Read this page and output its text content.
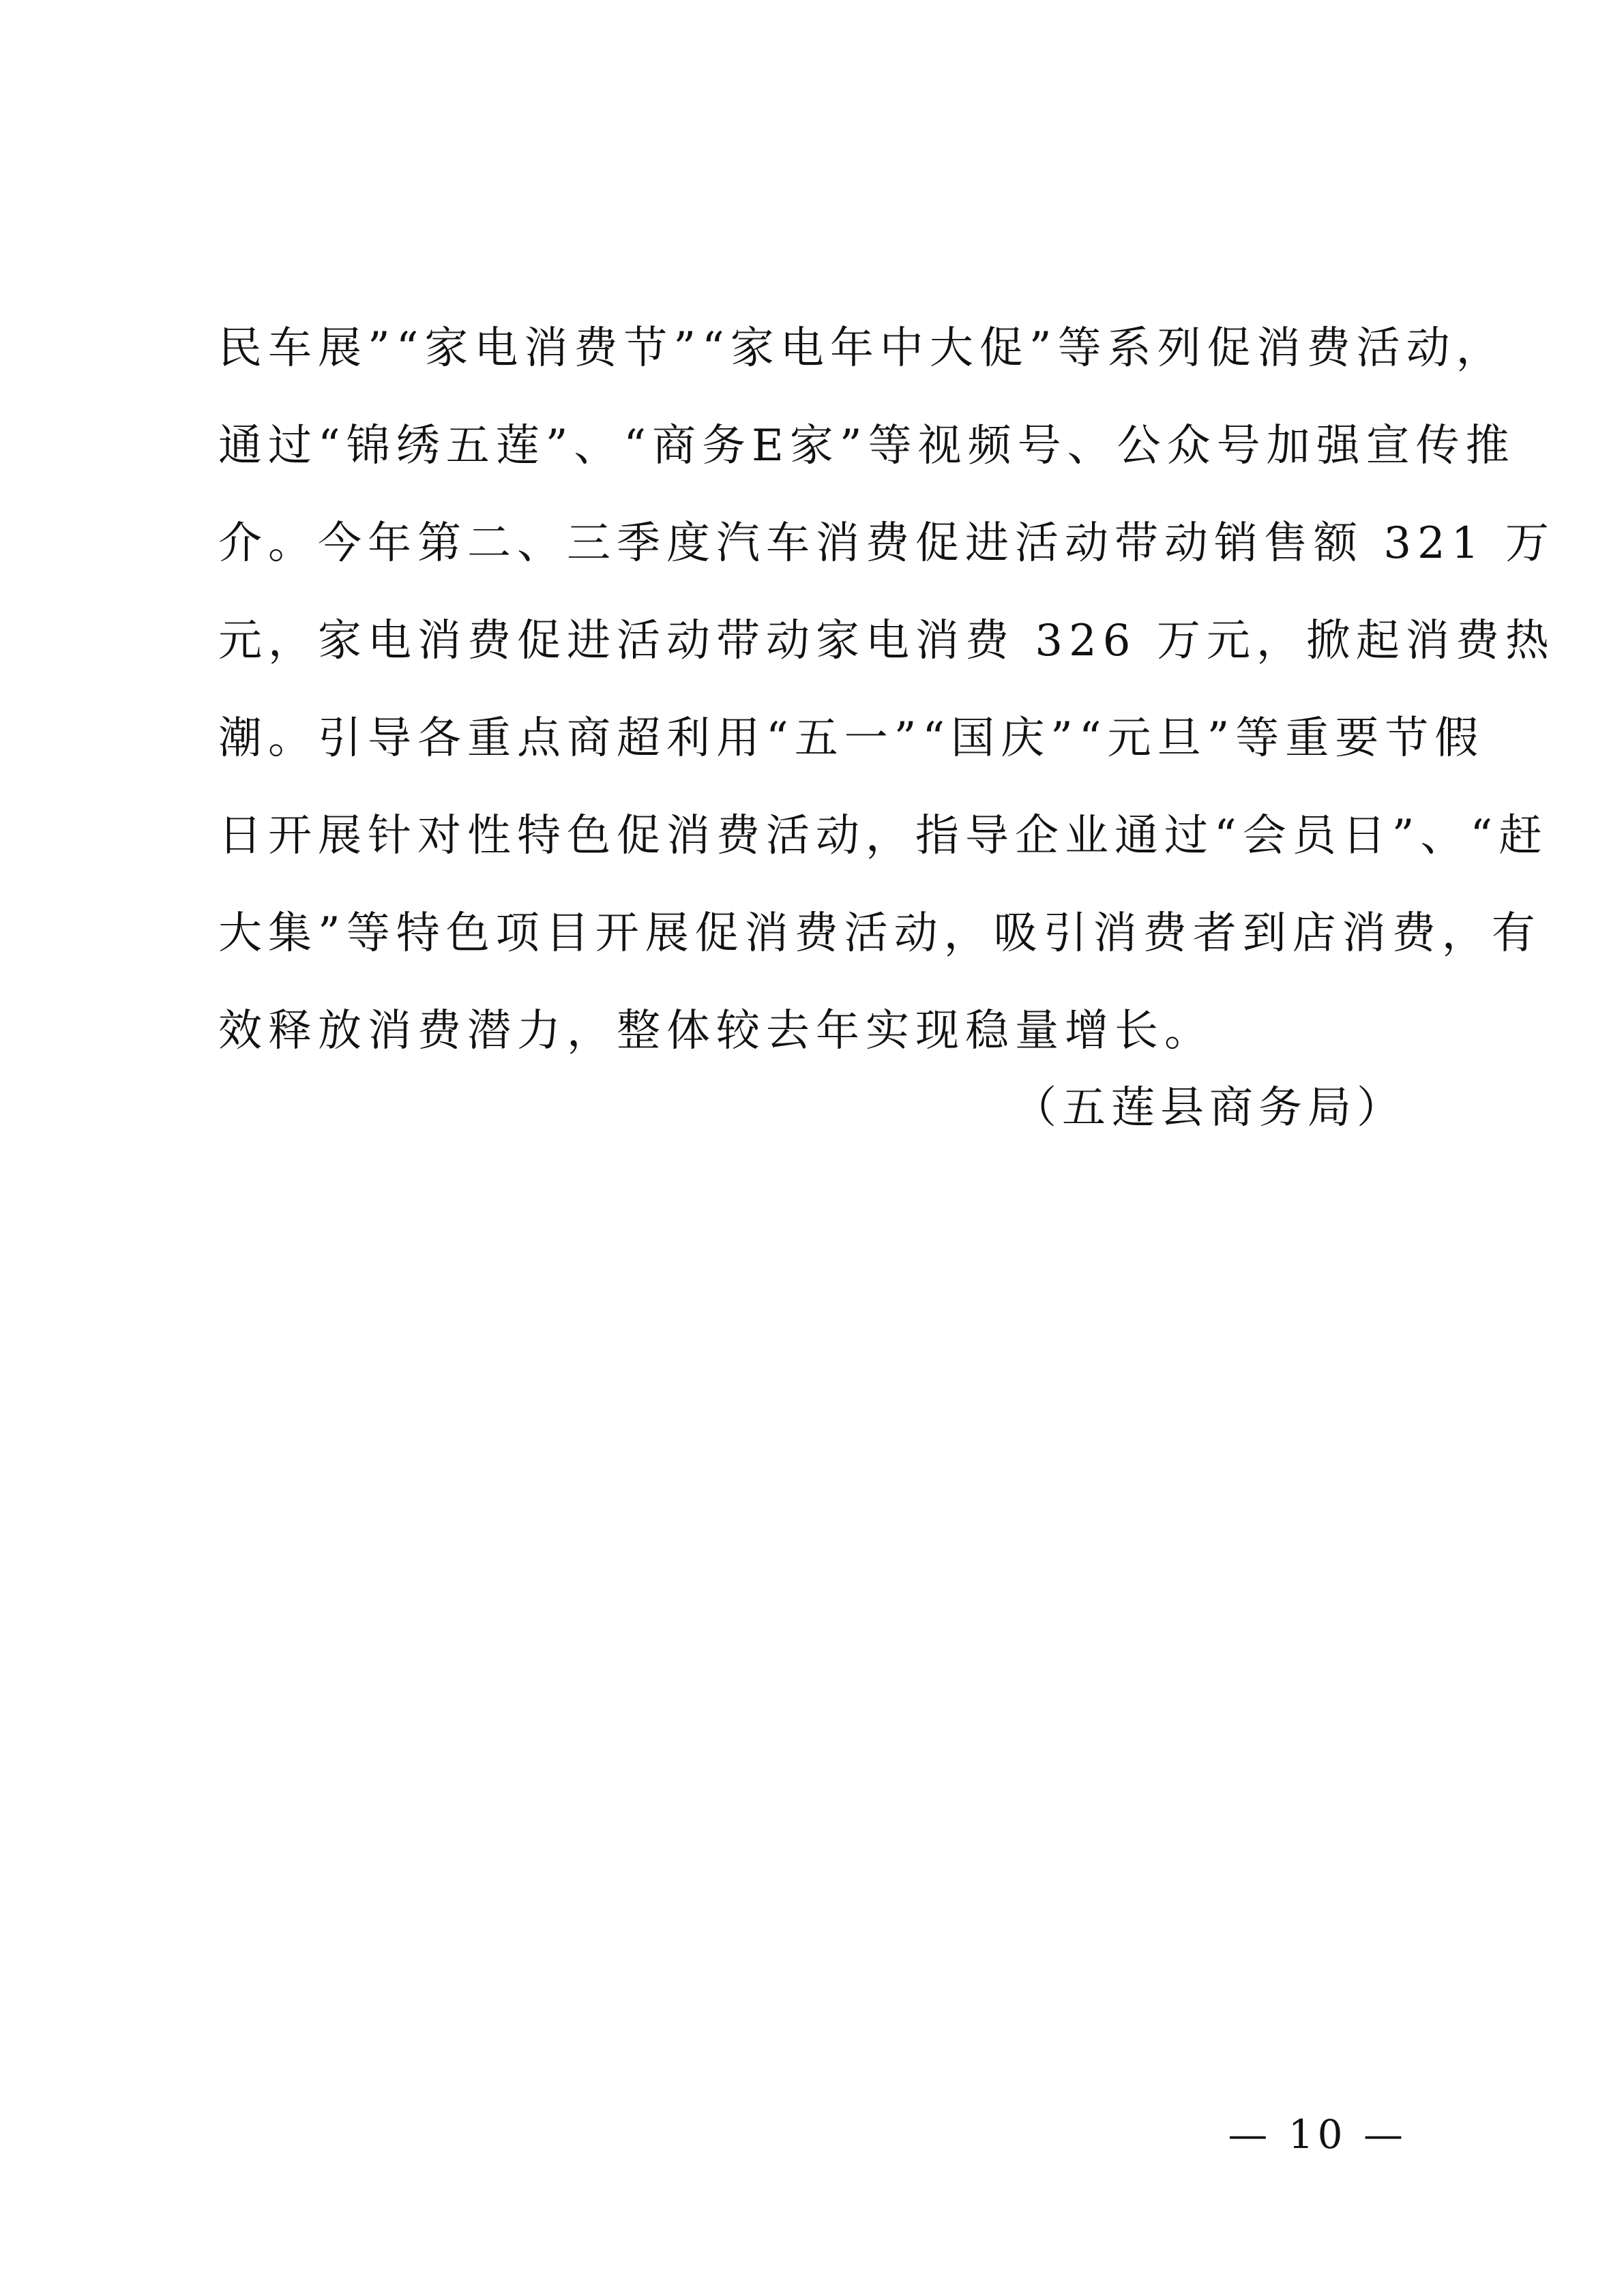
民车展”“家电消费节”“家电年中大促”等系列促消费活动，
通过“锦绣五莲”、“商务E家”等视频号、公众号加强宣传推
介。今年第二、三季度汽车消费促进活动带动销售额 321 万
元，家电消费促进活动带动家电消费 326 万元，掀起消费热
潮。引导各重点商超利用“五一”“国庆”“元旦”等重要节假
日开展针对性特色促消费活动，指导企业通过“会员日”、“赶
大集”等特色项目开展促消费活动，吸引消费者到店消费，有
效释放消费潜力，整体较去年实现稳量增长。
（五莲县商务局）
— 10 —
